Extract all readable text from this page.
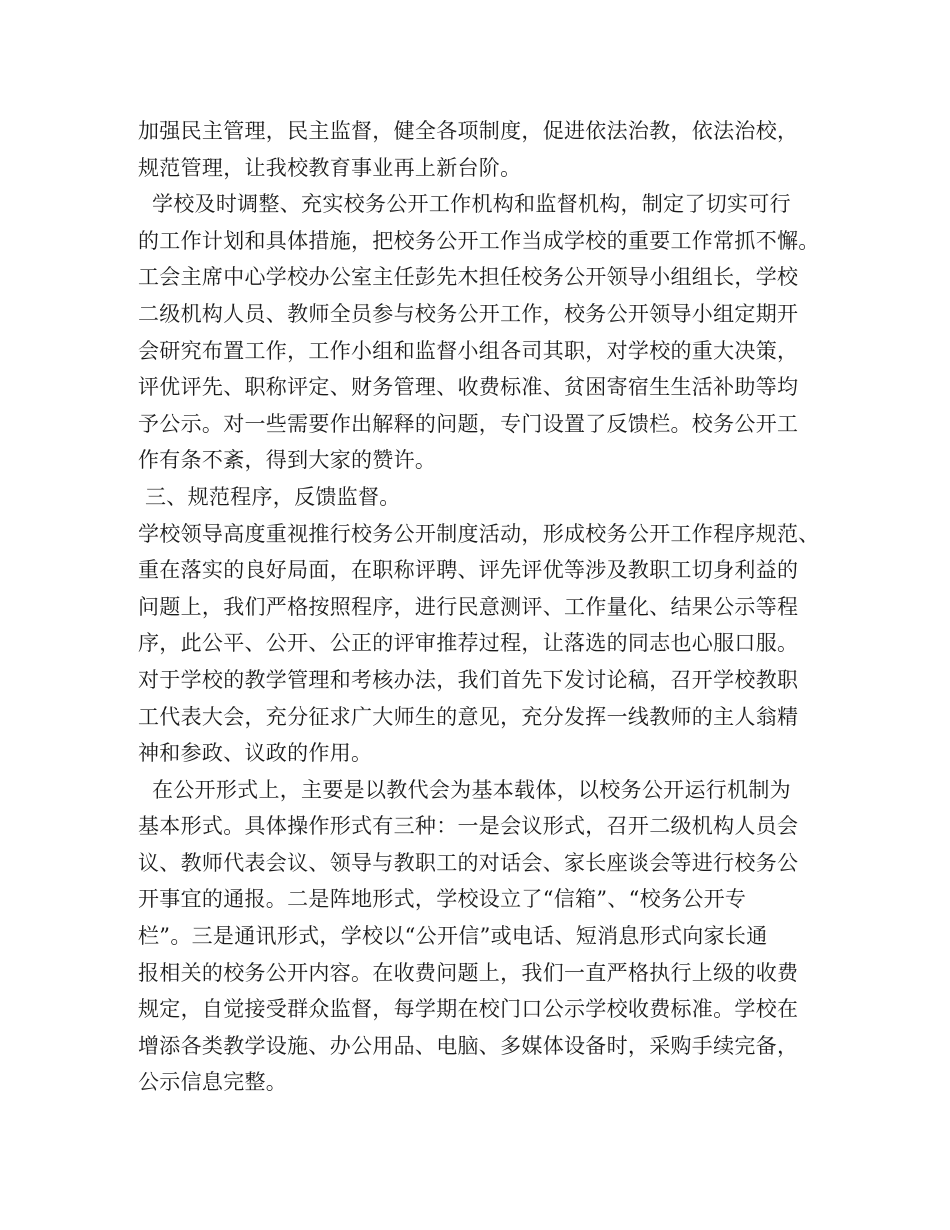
加强民主管理，民主监督，健全各项制度，促进依法治教，依法治校，
规范管理，让我校教育事业再上新台阶。
学校及时调整、充实校务公开工作机构和监督机构，制定了切实可行
的工作计划和具体措施，把校务公开工作当成学校的重要工作常抓不懈。
工会主席中心学校办公室主任彭先木担任校务公开领导小组组长，学校
二级机构人员、教师全员参与校务公开工作，校务公开领导小组定期开
会研究布置工作，工作小组和监督小组各司其职，对学校的重大决策，
评优评先、职称评定、财务管理、收费标准、贫困寄宿生生活补助等均
予公示。对一些需要作出解释的问题，专门设置了反馈栏。校务公开工
作有条不紊，得到大家的赞许。
三、规范程序，反馈监督。
学校领导高度重视推行校务公开制度活动，形成校务公开工作程序规范、
重在落实的良好局面，在职称评聘、评先评优等涉及教职工切身利益的
问题上，我们严格按照程序，进行民意测评、工作量化、结果公示等程
序，此公平、公开、公正的评审推荐过程，让落选的同志也心服口服。
对于学校的教学管理和考核办法，我们首先下发讨论稿，召开学校教职
工代表大会，充分征求广大师生的意见，充分发挥一线教师的主人翁精
神和参政、议政的作用。
在公开形式上，主要是以教代会为基本载体，以校务公开运行机制为
基本形式。具体操作形式有三种：一是会议形式，召开二级机构人员会
议、教师代表会议、领导与教职工的对话会、家长座谈会等进行校务公
开事宜的通报。二是阵地形式，学校设立了“信箱”、“校务公开专
栏”。三是通讯形式，学校以“公开信”或电话、短消息形式向家长通
报相关的校务公开内容。在收费问题上，我们一直严格执行上级的收费
规定，自觉接受群众监督，每学期在校门口公示学校收费标准。学校在
增添各类教学设施、办公用品、电脑、多媒体设备时，采购手续完备，
公示信息完整。
